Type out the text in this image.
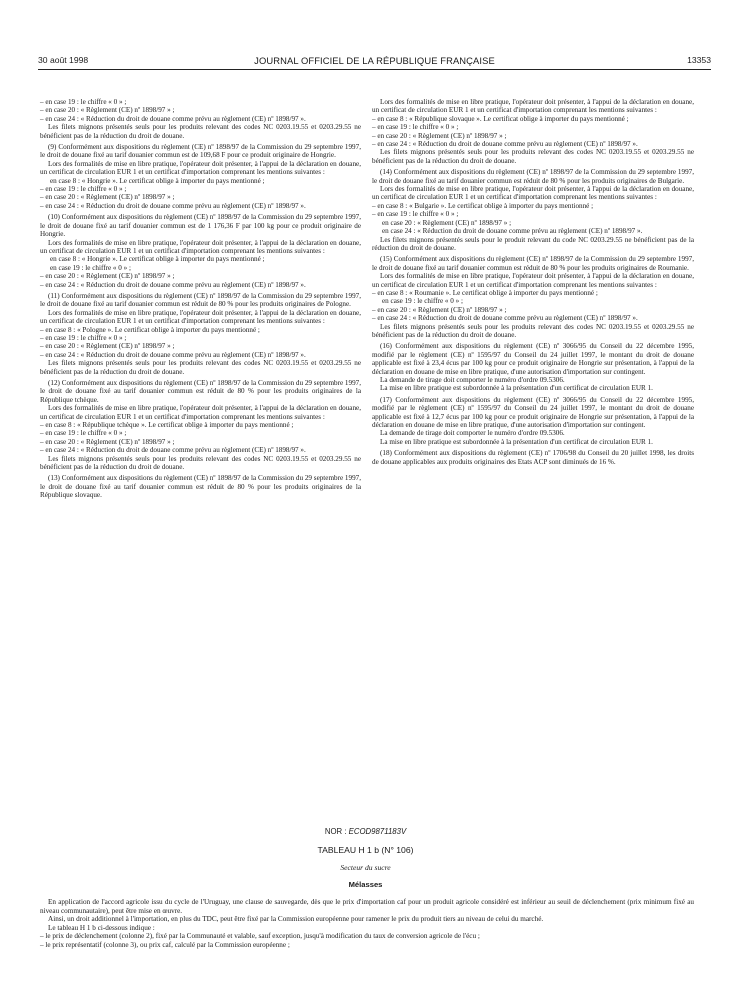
30 août 1998	JOURNAL OFFICIEL DE LA RÉPUBLIQUE FRANÇAISE	13353

– en case 19 : le chiffre « 0 » ;

– en case 20 : « Règlement (CE) nº 1898/97 » ;

– en case 24 : « Réduction du droit de douane comme prévu au règlement (CE) nº 1898/97 ».

Les filets mignons présentés seuls pour les produits relevant des codes NC 0203.19.55 et 0203.29.55 ne bénéficient pas de la réduction du droit de douane.

(9) Conformément aux dispositions du règlement (CE) nº 1898/97 de la Commission du 29 septembre 1997, le droit de douane fixé au tarif douanier commun est de 109,68 F pour ce produit originaire de Hongrie.

Lors des formalités de mise en libre pratique, l'opérateur doit présenter, à l'appui de la déclaration en douane, un certificat de circulation EUR 1 et un certificat d'importation comprenant les mentions suivantes :

en case 8 : « Hongrie ». Le certificat oblige à importer du pays mentionné ;

– en case 19 : le chiffre « 0 » ;

– en case 20 : « Règlement (CE) nº 1898/97 » ;

– en case 24 : « Réduction du droit de douane comme prévu au règlement (CE) nº 1898/97 ».

(10) Conformément aux dispositions du règlement (CE) nº 1898/97 de la Commission du 29 septembre 1997, le droit de douane fixé au tarif douanier commun est de 1 176,36 F par 100 kg pour ce produit originaire de Hongrie.

Lors des formalités de mise en libre pratique, l'opérateur doit présenter, à l'appui de la déclaration en douane, un certificat de circulation EUR 1 et un certificat d'importation comprenant les mentions suivantes :

en case 8 : « Hongrie ». Le certificat oblige à importer du pays mentionné ;

en case 19 : le chiffre « 0 » ;

– en case 20 : « Règlement (CE) nº 1898/97 » ;

– en case 24 : « Réduction du droit de douane comme prévu au règlement (CE) nº 1898/97 ».

(11) Conformément aux dispositions du règlement (CE) nº 1898/97 de la Commission du 29 septembre 1997, le droit de douane fixé au tarif douanier commun est réduit de 80 % pour les produits originaires de Pologne.

Lors des formalités de mise en libre pratique, l'opérateur doit présenter, à l'appui de la déclaration en douane, un certificat de circulation EUR 1 et un certificat d'importation comprenant les mentions suivantes :

– en case 8 : « Pologne ». Le certificat oblige à importer du pays mentionné ;

– en case 19 : le chiffre « 0 » ;

– en case 20 : « Règlement (CE) nº 1898/97 » ;

– en case 24 : « Réduction du droit de douane comme prévu au règlement (CE) nº 1898/97 ».

Les filets mignons présentés seuls pour les produits relevant des codes NC 0203.19.55 et 0203.29.55 ne bénéficient pas de la réduction du droit de douane.

(12) Conformément aux dispositions du règlement (CE) nº 1898/97 de la Commission du 29 septembre 1997, le droit de douane fixé au tarif douanier commun est réduit de 80 % pour les produits originaires de la République tchèque.

Lors des formalités de mise en libre pratique, l'opérateur doit présenter, à l'appui de la déclaration en douane, un certificat de circulation EUR 1 et un certificat d'importation comprenant les mentions suivantes :

– en case 8 : « République tchèque ». Le certificat oblige à importer du pays mentionné ;

– en case 19 : le chiffre « 0 » ;

– en case 20 : « Règlement (CE) nº 1898/97 » ;

– en case 24 : « Réduction du droit de douane comme prévu au règlement (CE) nº 1898/97 ».

Les filets mignons présentés seuls pour les produits relevant des codes NC 0203.19.55 et 0203.29.55 ne bénéficient pas de la réduction du droit de douane.

(13) Conformément aux dispositions du règlement (CE) nº 1898/97 de la Commission du 29 septembre 1997, le droit de douane fixé au tarif douanier commun est réduit de 80 % pour les produits originaires de la République slovaque.

Lors des formalités de mise en libre pratique, l'opérateur doit présenter, à l'appui de la déclaration en douane, un certificat de circulation EUR 1 et un certificat d'importation comprenant les mentions suivantes :

– en case 8 : « République slovaque ». Le certificat oblige à importer du pays mentionné ;

– en case 19 : le chiffre « 0 » ;

– en case 20 : « Règlement (CE) nº 1898/97 » ;

– en case 24 : « Réduction du droit de douane comme prévu au règlement (CE) nº 1898/97 ».

Les filets mignons présentés seuls pour les produits relevant des codes NC 0203.19.55 et 0203.29.55 ne bénéficient pas de la réduction du droit de douane.

(14) Conformément aux dispositions du règlement (CE) nº 1898/97 de la Commission du 29 septembre 1997, le droit de douane fixé au tarif douanier commun est réduit de 80 % pour les produits originaires de Bulgarie.

Lors des formalités de mise en libre pratique, l'opérateur doit présenter, à l'appui de la déclaration en douane, un certificat de circulation EUR 1 et un certificat d'importation comprenant les mentions suivantes :

– en case 8 : « Bulgarie ». Le certificat oblige à importer du pays mentionné ;

– en case 19 : le chiffre « 0 » ;

en case 20 : « Règlement (CE) nº 1898/97 » ;

en case 24 : « Réduction du droit de douane comme prévu au règlement (CE) nº 1898/97 ».

Les filets mignons présentés seuls pour le produit relevant du code NC 0203.29.55 ne bénéficient pas de la réduction du droit de douane.

(15) Conformément aux dispositions du règlement (CE) nº 1898/97 de la Commission du 29 septembre 1997, le droit de douane fixé au tarif douanier commun est réduit de 80 % pour les produits originaires de Roumanie.

Lors des formalités de mise en libre pratique, l'opérateur doit présenter, à l'appui de la déclaration en douane, un certificat de circulation EUR 1 et un certificat d'importation comprenant les mentions suivantes :

– en case 8 : « Roumanie ». Le certificat oblige à importer du pays mentionné ;

en case 19 : le chiffre « 0 » ;

– en case 20 : « Règlement (CE) nº 1898/97 » ;

– en case 24 : « Réduction du droit de douane comme prévu au règlement (CE) nº 1898/97 ».

Les filets mignons présentés seuls pour les produits relevant des codes NC 0203.19.55 et 0203.29.55 ne bénéficient pas de la réduction du droit de douane.

(16) Conformément aux dispositions du règlement (CE) nº 3066/95 du Conseil du 22 décembre 1995, modifié par le règlement (CE) nº 1595/97 du Conseil du 24 juillet 1997, le montant du droit de douane applicable est fixé à 23,4 écus par 100 kg pour ce produit originaire de Hongrie sur présentation, à l'appui de la déclaration en douane de mise en libre pratique, d'une autorisation d'importation sur contingent.

La demande de tirage doit comporter le numéro d'ordre 09.5306.

La mise en libre pratique est subordonnée à la présentation d'un certificat de circulation EUR 1.

(17) Conformément aux dispositions du règlement (CE) nº 3066/95 du Conseil du 22 décembre 1995, modifié par le règlement (CE) nº 1595/97 du Conseil du 24 juillet 1997, le montant du droit de douane applicable est fixé à 12,7 écus par 100 kg pour ce produit originaire de Hongrie sur présentation, à l'appui de la déclaration en douane de mise en libre pratique, d'une autorisation d'importation sur contingent.

La demande de tirage doit comporter le numéro d'ordre 09.5306.

La mise en libre pratique est subordonnée à la présentation d'un certificat de circulation EUR 1.

(18) Conformément aux dispositions du règlement (CE) nº 1706/98 du Conseil du 20 juillet 1998, les droits de douane applicables aux produits originaires des Etats ACP sont diminués de 16 %.

NOR : ECOD9871183V
TABLEAU H 1 b (N° 106)
Secteur du sucre
Mélasses

En application de l'accord agricole issu du cycle de l'Uruguay, une clause de sauvegarde, dès que le prix d'importation caf pour un produit agricole considéré est inférieur au seuil de déclenchement (prix minimum fixé au niveau communautaire), peut être mise en œuvre.

Ainsi, un droit additionnel à l'importation, en plus du TDC, peut être fixé par la Commission européenne pour ramener le prix du produit tiers au niveau de celui du marché.

Le tableau H 1 b ci-dessous indique :

– le prix de déclenchement (colonne 2), fixé par la Communauté et valable, sauf exception, jusqu'à modification du taux de conversion agricole de l'écu ;

– le prix représentatif (colonne 3), ou prix caf, calculé par la Commission européenne ;
